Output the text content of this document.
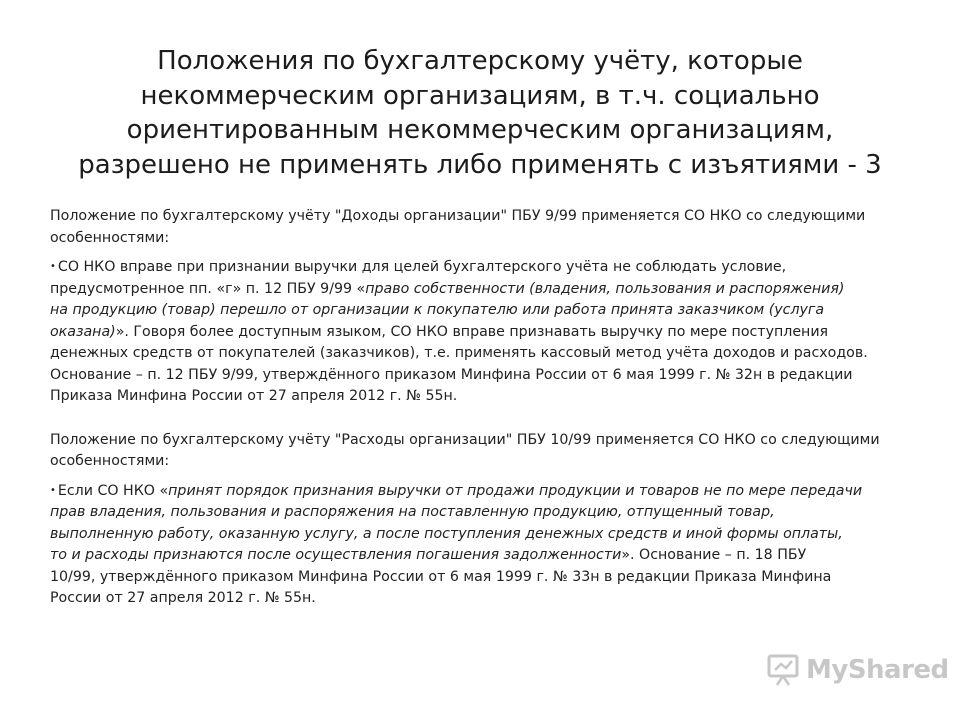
Положения по бухгалтерскому учёту, которые
некоммерческим организациям, в т.ч. социально
ориентированным некоммерческим организациям,
разрешено не применять либо применять с изъятиями - 3

Положение по бухгалтерскому учёту "Доходы организации" ПБУ 9/99 применяется СО НКО со следующими
особенностями:

• СО НКО вправе при признании выручки для целей бухгалтерского учёта не соблюдать условие,
предусмотренное пп. «г» п. 12 ПБУ 9/99 «право собственности (владения, пользования и распоряжения)
на продукцию (товар) перешло от организации к покупателю или работа принята заказчиком (услуга
оказана)». Говоря более доступным языком, СО НКО вправе признавать выручку по мере поступления
денежных средств от покупателей (заказчиков), т.е. применять кассовый метод учёта доходов и расходов.
Основание – п. 12 ПБУ 9/99, утверждённого приказом Минфина России от 6 мая 1999 г. № 32н в редакции
Приказа Минфина России от 27 апреля 2012 г. № 55н.

Положение по бухгалтерскому учёту "Расходы организации" ПБУ 10/99 применяется СО НКО со следующими
особенностями:

• Если СО НКО «принят порядок признания выручки от продажи продукции и товаров не по мере передачи
прав владения, пользования и распоряжения на поставленную продукцию, отпущенный товар,
выполненную работу, оказанную услугу, а после поступления денежных средств и иной формы оплаты,
то и расходы признаются после осуществления погашения задолженности». Основание – п. 18 ПБУ
10/99, утверждённого приказом Минфина России от 6 мая 1999 г. № 33н в редакции Приказа Минфина
России от 27 апреля 2012 г. № 55н.

MyShared
